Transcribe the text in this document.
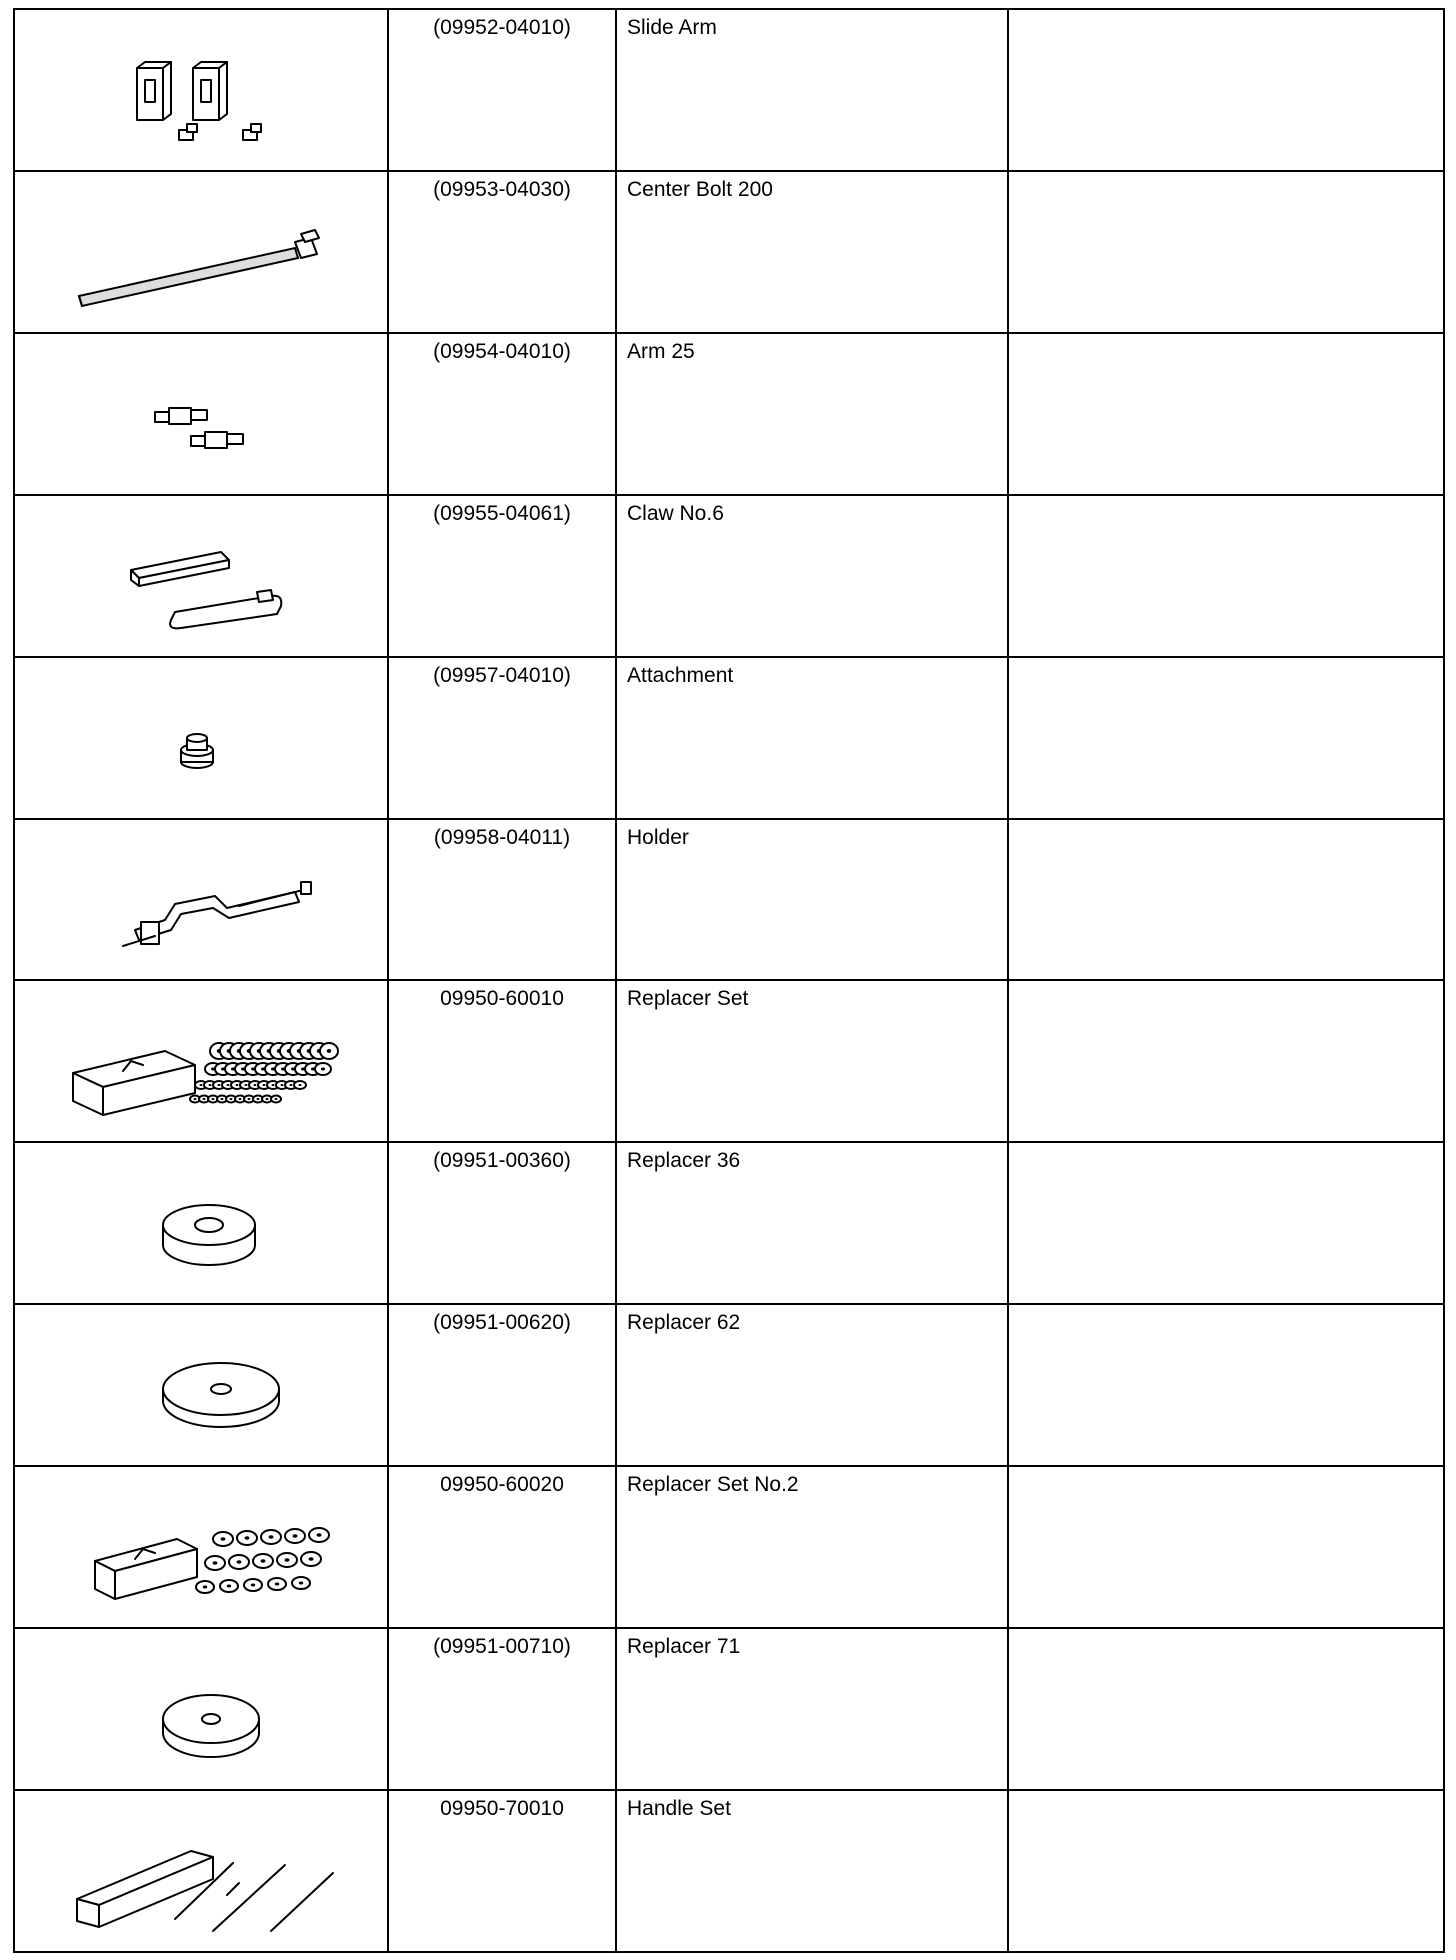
(09952-04010)	Slide Arm	

(09953-04030)	Center Bolt 200	

(09954-04010)	Arm 25	

(09955-04061)	Claw No.6	

(09957-04010)	Attachment	

(09958-04011)	Holder	

09950-60010	Replacer Set	

(09951-00360)	Replacer 36	

(09951-00620)	Replacer 62	

09950-60020	Replacer Set No.2	

(09951-00710)	Replacer 71	

09950-70010	Handle Set	
